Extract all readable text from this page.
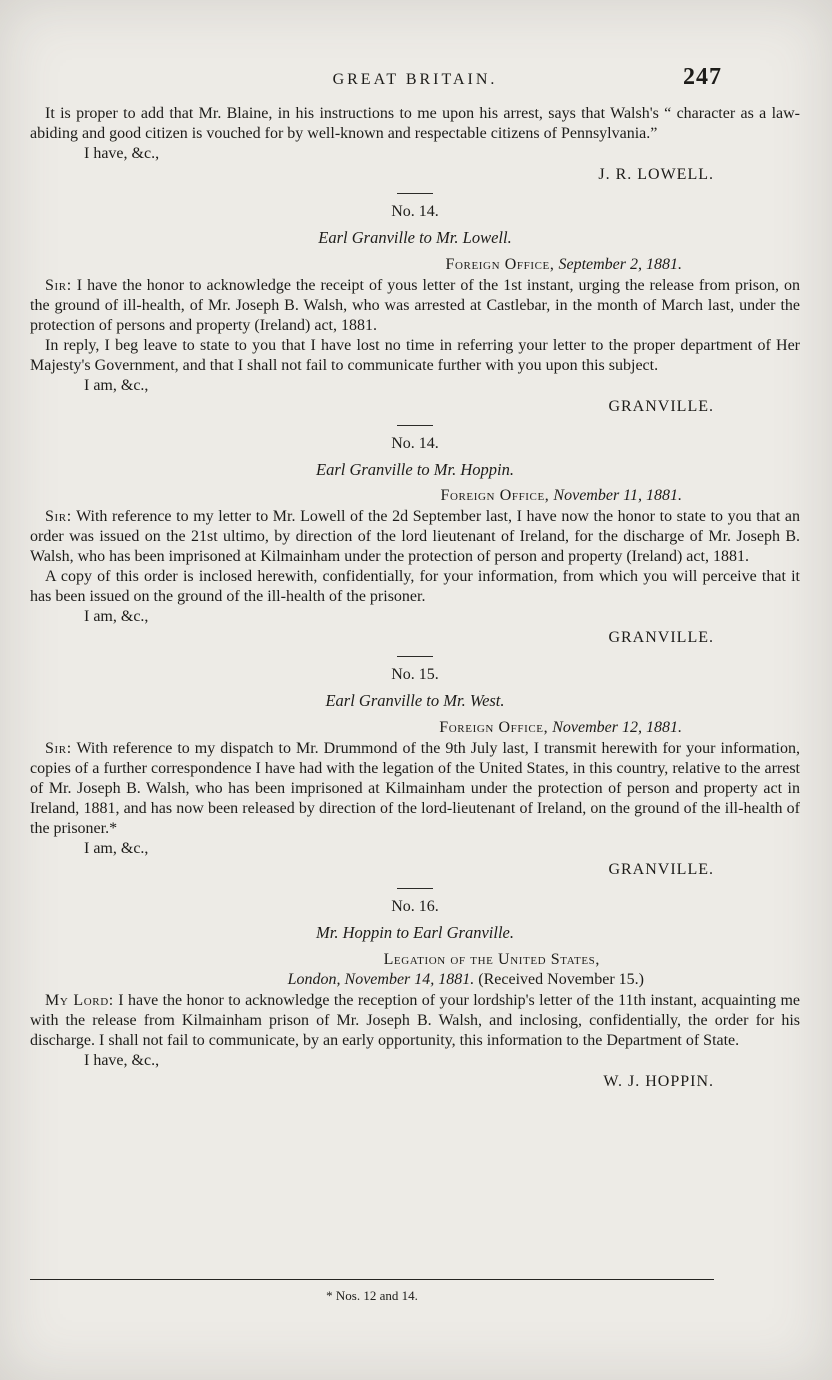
GREAT BRITAIN.	247

It is proper to add that Mr. Blaine, in his instructions to me upon his arrest, says that Walsh's “ character as a law-abiding and good citizen is vouched for by well-known and respectable citizens of Pennsylvania.”

I have, &c.,
J. R. LOWELL.
No. 14.
Earl Granville to Mr. Lowell.
Foreign Office, September 2, 1881.

Sir: I have the honor to acknowledge the receipt of yous letter of the 1st instant, urging the release from prison, on the ground of ill-health, of Mr. Joseph B. Walsh, who was arrested at Castlebar, in the month of March last, under the protection of persons and property (Ireland) act, 1881.

In reply, I beg leave to state to you that I have lost no time in referring your letter to the proper department of Her Majesty's Government, and that I shall not fail to communicate further with you upon this subject.

I am, &c.,
GRANVILLE.
No. 14.
Earl Granville to Mr. Hoppin.
Foreign Office, November 11, 1881.

Sir: With reference to my letter to Mr. Lowell of the 2d September last, I have now the honor to state to you that an order was issued on the 21st ultimo, by direction of the lord lieutenant of Ireland, for the discharge of Mr. Joseph B. Walsh, who has been imprisoned at Kilmainham under the protection of person and property (Ireland) act, 1881.

A copy of this order is inclosed herewith, confidentially, for your information, from which you will perceive that it has been issued on the ground of the ill-health of the prisoner.

I am, &c.,
GRANVILLE.
No. 15.
Earl Granville to Mr. West.
Foreign Office, November 12, 1881.

Sir: With reference to my dispatch to Mr. Drummond of the 9th July last, I transmit herewith for your information, copies of a further correspondence I have had with the legation of the United States, in this country, relative to the arrest of Mr. Joseph B. Walsh, who has been imprisoned at Kilmainham under the protection of person and property act in Ireland, 1881, and has now been released by direction of the lord-lieutenant of Ireland, on the ground of the ill-health of the prisoner.*

I am, &c.,
GRANVILLE.
No. 16.
Mr. Hoppin to Earl Granville.
Legation of the United States,
London, November 14, 1881. (Received November 15.)

My Lord: I have the honor to acknowledge the reception of your lordship's letter of the 11th instant, acquainting me with the release from Kilmainham prison of Mr. Joseph B. Walsh, and inclosing, confidentially, the order for his discharge. I shall not fail to communicate, by an early opportunity, this information to the Department of State.

I have, &c.,
W. J. HOPPIN.
* Nos. 12 and 14.
